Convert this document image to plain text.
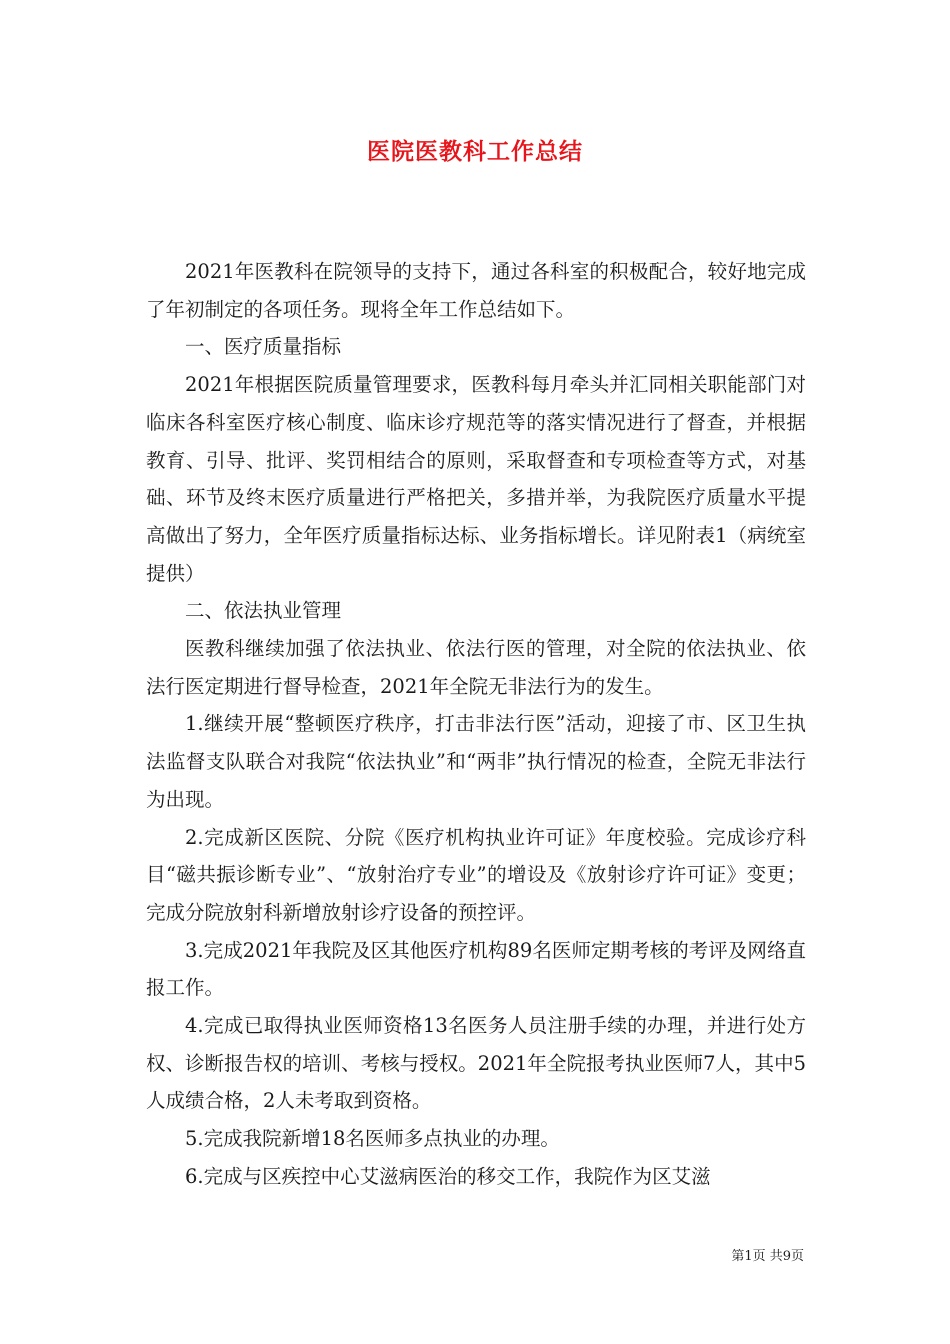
医院医教科工作总结

2021年医教科在院领导的支持下，通过各科室的积极配合，较好地完成了年初制定的各项任务。现将全年工作总结如下。

一、医疗质量指标

2021年根据医院质量管理要求，医教科每月牵头并汇同相关职能部门对临床各科室医疗核心制度、临床诊疗规范等的落实情况进行了督查，并根据教育、引导、批评、奖罚相结合的原则，采取督查和专项检查等方式，对基础、环节及终末医疗质量进行严格把关，多措并举，为我院医疗质量水平提高做出了努力，全年医疗质量指标达标、业务指标增长。详见附表1（病统室提供）

二、依法执业管理

医教科继续加强了依法执业、依法行医的管理，对全院的依法执业、依法行医定期进行督导检查，2021年全院无非法行为的发生。

1.继续开展“整顿医疗秩序，打击非法行医”活动，迎接了市、区卫生执法监督支队联合对我院“依法执业”和“两非”执行情况的检查，全院无非法行为出现。

2.完成新区医院、分院《医疗机构执业许可证》年度校验。完成诊疗科目“磁共振诊断专业”、“放射治疗专业”的增设及《放射诊疗许可证》变更；完成分院放射科新增放射诊疗设备的预控评。

3.完成2021年我院及区其他医疗机构89名医师定期考核的考评及网络直报工作。

4.完成已取得执业医师资格13名医务人员注册手续的办理，并进行处方权、诊断报告权的培训、考核与授权。2021年全院报考执业医师7人，其中5人成绩合格，2人未考取到资格。

5.完成我院新增18名医师多点执业的办理。

6.完成与区疾控中心艾滋病医治的移交工作，我院作为区艾滋

第1页 共9页
